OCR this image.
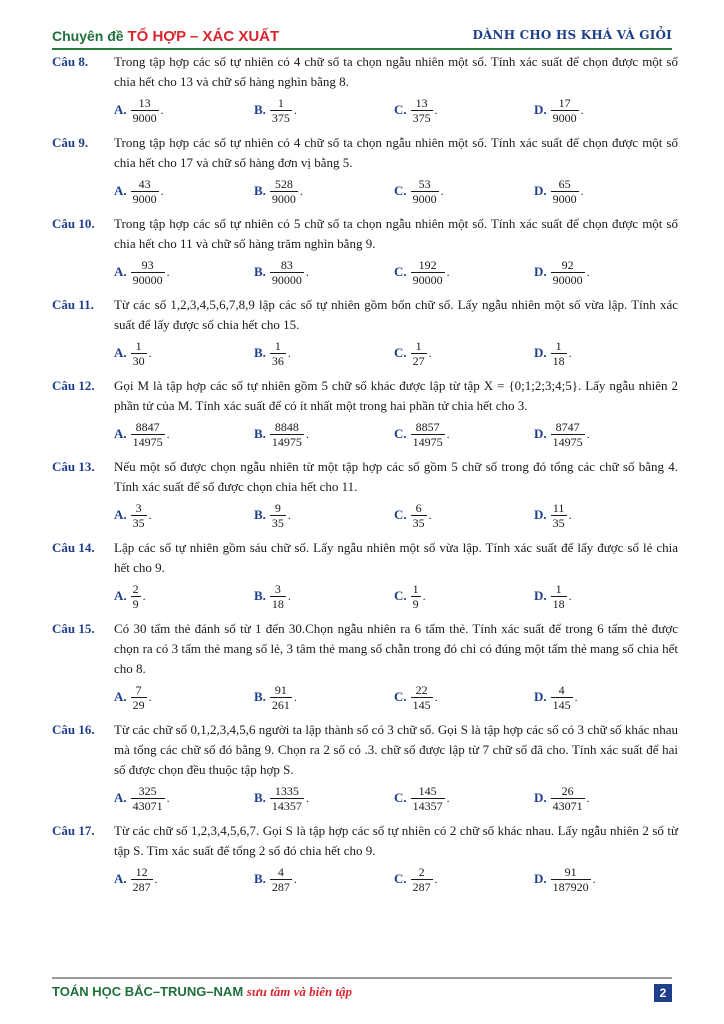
Chuyên đề TỔ HỢP – XÁC XUẤT	DÀNH CHO HS KHÁ VÀ GIỎI
Câu 8.	Trong tập hợp các số tự nhiên có 4 chữ số ta chọn ngẫu nhiên một số. Tính xác suất để chọn được một số chia hết cho 13 và chữ số hàng nghìn bằng 8.
A. $\frac{13}{9000}$ .	B. $\frac{1}{375}$ .	C. $\frac{13}{375}$ .	D. $\frac{17}{9000}$ .
Câu 9.	Trong tập hợp các số tự nhiên có 4 chữ số ta chọn ngẫu nhiên một số. Tính xác suất để chọn được một số chia hết cho 17 và chữ số hàng đơn vị bằng 5.
A. $\frac{43}{9000}$ .	B. $\frac{528}{9000}$ .	C. $\frac{53}{9000}$ .	D. $\frac{65}{9000}$ .
Câu 10.	Trong tập hợp các số tự nhiên có 5 chữ số ta chọn ngẫu nhiên một số. Tính xác suất để chọn được một số chia hết cho 11 và chữ số hàng trăm nghìn bằng 9.
A. $\frac{93}{90000}$ .	B. $\frac{83}{90000}$ .	C. $\frac{192}{90000}$ .	D. $\frac{92}{90000}$ .
Câu 11.	Từ các số 1,2,3,4,5,6,7,8,9 lập các số tự nhiên gồm bốn chữ số. Lấy ngẫu nhiên một số vừa lập. Tính xác suất để lấy được số chia hết cho 15.
A. $\frac{1}{30}$ .	B. $\frac{1}{36}$ .	C. $\frac{1}{27}$ .	D. $\frac{1}{18}$ .
Câu 12.	Gọi M là tập hợp các số tự nhiên gồm 5 chữ số khác được lập từ tập X = {0;1;2;3;4;5}. Lấy ngẫu nhiên 2 phần tử của M. Tính xác suất để có ít nhất một trong hai phần tử chia hết cho 3.
A. $\frac{8847}{14975}$ .	B. $\frac{8848}{14975}$ .	C. $\frac{8857}{14975}$ .	D. $\frac{8747}{14975}$ .
Câu 13.	Nếu một số được chọn ngẫu nhiên từ một tập hợp các số gồm 5 chữ số trong đó tổng các chữ số bằng 4. Tính xác suất để số được chọn chia hết cho 11.
A. $\frac{3}{35}$ .	B. $\frac{9}{35}$ .	C. $\frac{6}{35}$ .	D. $\frac{11}{35}$ .
Câu 14.	Lập các số tự nhiên gồm sáu chữ số. Lấy ngẫu nhiên một số vừa lập. Tính xác suất để lấy được số lẻ chia hết cho 9.
A. $\frac{2}{9}$ .	B. $\frac{3}{18}$ .	C. $\frac{1}{9}$ .	D. $\frac{1}{18}$ .
Câu 15.	Có 30 tấm thẻ đánh số từ 1 đến 30.Chọn ngẫu nhiên ra 6 tấm thẻ. Tính xác suất để trong 6 tấm thẻ được chọn ra có 3 tấm thẻ mang số lẻ, 3 tâm thẻ mang số chẵn trong đó chỉ có đúng một tấm thẻ mang số chia hết cho 8.
A. $\frac{7}{29}$ .	B. $\frac{91}{261}$ .	C. $\frac{22}{145}$ .	D. $\frac{4}{145}$ .
Câu 16.	Từ các chữ số 0,1,2,3,4,5,6 người ta lập thành số có 3 chữ số. Gọi S là tập hợp các số có 3 chữ số khác nhau mà tổng các chữ số đó bằng 9. Chọn ra 2 số có .3. chữ số được lập từ 7 chữ số đã cho. Tính xác suất để hai số được chọn đều thuộc tập hợp S.
A. $\frac{325}{43071}$ .	B. $\frac{1335}{14357}$ .	C. $\frac{145}{14357}$ .	D. $\frac{26}{43071}$ .
Câu 17.	Từ các chữ số 1,2,3,4,5,6,7. Gọi S là tập hợp các số tự nhiên có 2 chữ số khác nhau. Lấy ngẫu nhiên 2 số từ tập S. Tìm xác suất để tổng 2 số đó chia hết cho 9.
A. $\frac{12}{287}$ .	B. $\frac{4}{287}$ .	C. $\frac{2}{287}$ .	D. $\frac{91}{187920}$ .
TOÁN HỌC BẮC–TRUNG–NAM sưu tầm và biên tập	2
